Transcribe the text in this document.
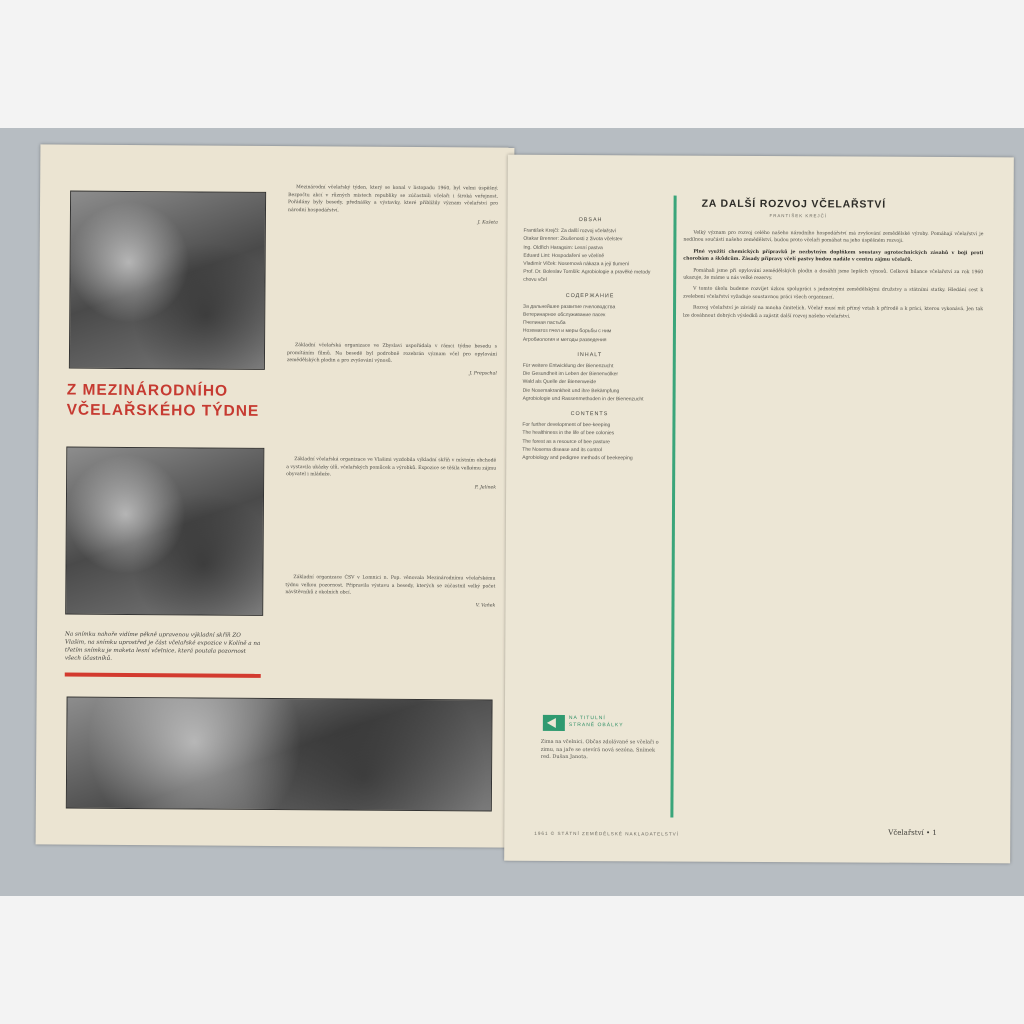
Z MEZINÁRODNÍHO
VČELAŘSKÉHO TÝDNE
Na snímku nahoře vidíme pěkně upravenou výkladní skříň ZO Vlašim, na snímku uprostřed je část včelařské expozice v Kolíně a na třetím snímku je maketa lesní včelnice, která poutala pozornost všech účastníků.

Mezinárodní včelařský týden, který se konal v listopadu 1960, byl velmi úspěšný. Bezpočtu akcí v různých místech republiky se zúčastnili včelaři i široká veřejnost. Pořádány byly besedy, přednášky a výstavky, které přiblížily význam včelařství pro národní hospodářství.

J. Kašeta

Základní včelařská organizace ve Zbyslavi uspořádala v rámci týdne besedu s promítáním filmů. Na besedě byl podrobně rozebrán význam včel pro opylování zemědělských plodin a pro zvyšování výnosů.

J. Prepschal

Základní včelařská organizace ve Vlašimi vyzdobila výkladní skříň v místním obchodě a vystavila ukázky úlů, včelařských pomůcek a výrobků. Expozice se těšila velkému zájmu obyvatel i mládeže.

F. Jelínek

Základní organizace ČSV v Lomnici n. Pop. věnovala Mezinárodnímu včelařskému týdnu velkou pozornost. Připravila výstavu a besedy, kterých se zúčastnil velký počet návštěvníků z okolních obcí.

V. Vaňek
OBSAH
František Krejčí: Za další rozvoj včelařství
Otakar Brenner: Zkušenosti z života včelstev
Ing. Oldřich Haragsim: Lesní pastva
Eduard Lint: Hospodaření ve včelíně
Vladimír Vlček: Nosemová nákaza a její tlumení
Prof. Dr. Boleslav Tomšík: Agrobiologie a pravěké metody chovu včel
СОДЕРЖАНИЕ
За дальнейшее развитие пчеловодства
Ветеринарное обслуживание пасек
Пчелиная пастьба
Нозематоз пчел и меры борьбы с ним
Агробиология и методы разведения
INHALT
Für weitere Entwicklung der Bienenzucht
Die Gesundheit im Leben der Bienenvölker
Wald als Quelle der Bienenweide
Die Nosemakrankheit und ihre Bekämpfung
Agrobiologie und Rassenmethoden in der Bienenzucht
CONTENTS
For further development of bee-keeping
The healthiness in the life of bee colonies
The forest as a resource of bee pasture
The Nosema disease and its control
Agrobiology and pedigree methods of beekeeping
NA TITULNÍ
STRANĚ OBÁLKY
Zima na včelnici. Občas zdolávané se včelaři o zimu, na jaře se otevírá nová sezóna. Snímek red. Dušan Janota.
ZA DALŠÍ ROZVOJ VČELAŘSTVÍ
FRANTIŠEK KREJČÍ

Velký význam pro rozvoj celého našeho národního hospodářství má zvyšování zemědělské výroby. Pomáhají včelařství je nedílnou součástí našeho zemědělství, budou proto včelaři pomáhat na jeho úspěšném rozvoji.

Plné využití chemických přípravků je nezbytným doplňkem soustavy agrotechnických zásahů v boji proti chorobám a škůdcům. Zásady přípravy včelí pastvy budou nadále v centru zájmu včelařů.

Pomáhali jsme při opylování zemědělských plodin a dosáhli jsme lepších výnosů. Celková bilance včelařství za rok 1960 ukazuje, že máme u nás velké rezervy.

V tomto úkolu budeme rozvíjet úzkou spolupráci s jednotnými zemědělskými družstvy a státními statky. Hledání cest k zvelebení včelařství vyžaduje soustavnou práci všech organizací.

Rozvoj včelařství je závislý na mnoha činitelích. Včelař musí mít přímý vztah k přírodě a k práci, kterou vykonává. Jen tak lze dosáhnout dobrých výsledků a zajistit další rozvoj našeho včelařství.

1961 © STÁTNÍ ZEMĚDĚLSKÉ NAKLADATELSTVÍ	Včelařství • 1
